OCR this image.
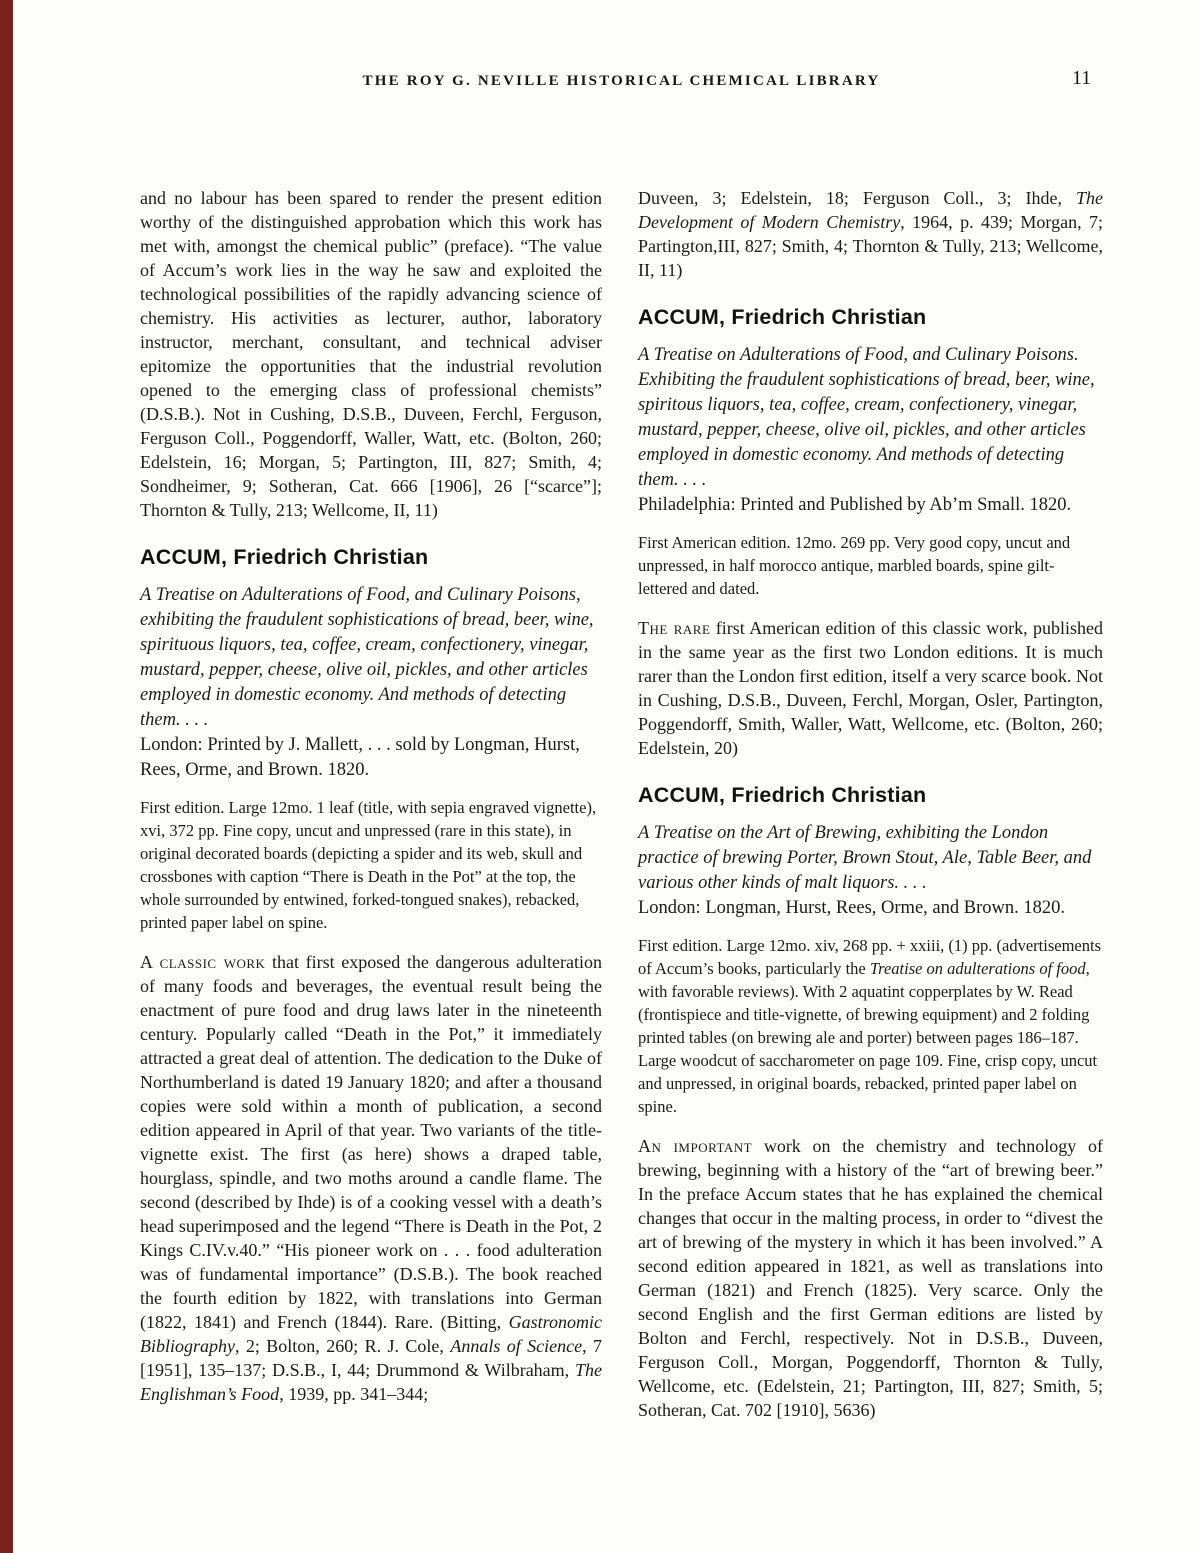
THE ROY G. NEVILLE HISTORICAL CHEMICAL LIBRARY	11
and no labour has been spared to render the present edition worthy of the distinguished approbation which this work has met with, amongst the chemical public” (preface). “The value of Accum’s work lies in the way he saw and exploited the technological possibilities of the rapidly advancing science of chemistry. His activities as lecturer, author, laboratory instructor, merchant, consultant, and technical adviser epitomize the opportunities that the industrial revolution opened to the emerging class of professional chemists” (D.S.B.). Not in Cushing, D.S.B., Duveen, Ferchl, Ferguson, Ferguson Coll., Poggendorff, Waller, Watt, etc. (Bolton, 260; Edelstein, 16; Morgan, 5; Partington, III, 827; Smith, 4; Sondheimer, 9; Sotheran, Cat. 666 [1906], 26 [“scarce”]; Thornton & Tully, 213; Wellcome, II, 11)
ACCUM, Friedrich Christian
A Treatise on Adulterations of Food, and Culinary Poisons, exhibiting the fraudulent sophistications of bread, beer, wine, spirituous liquors, tea, coffee, cream, confectionery, vinegar, mustard, pepper, cheese, olive oil, pickles, and other articles employed in domestic economy. And methods of detecting them. . . .
London: Printed by J. Mallett, . . . sold by Longman, Hurst, Rees, Orme, and Brown. 1820.
First edition. Large 12mo. 1 leaf (title, with sepia engraved vignette), xvi, 372 pp. Fine copy, uncut and unpressed (rare in this state), in original decorated boards (depicting a spider and its web, skull and crossbones with caption “There is Death in the Pot” at the top, the whole surrounded by entwined, forked-tongued snakes), rebacked, printed paper label on spine.
A classic work that first exposed the dangerous adulteration of many foods and beverages, the eventual result being the enactment of pure food and drug laws later in the nineteenth century. Popularly called “Death in the Pot,” it immediately attracted a great deal of attention. The dedication to the Duke of Northumberland is dated 19 January 1820; and after a thousand copies were sold within a month of publication, a second edition appeared in April of that year. Two variants of the title-vignette exist. The first (as here) shows a draped table, hourglass, spindle, and two moths around a candle flame. The second (described by Ihde) is of a cooking vessel with a death’s head superimposed and the legend “There is Death in the Pot, 2 Kings C.IV.v.40.” “His pioneer work on . . . food adulteration was of fundamental importance” (D.S.B.). The book reached the fourth edition by 1822, with translations into German (1822, 1841) and French (1844). Rare. (Bitting, Gastronomic Bibliography, 2; Bolton, 260; R. J. Cole, Annals of Science, 7 [1951], 135–137; D.S.B., I, 44; Drummond & Wilbraham, The Englishman’s Food, 1939, pp. 341–344;
Duveen, 3; Edelstein, 18; Ferguson Coll., 3; Ihde, The Development of Modern Chemistry, 1964, p. 439; Morgan, 7; Partington,III, 827; Smith, 4; Thornton & Tully, 213; Wellcome, II, 11)
ACCUM, Friedrich Christian
A Treatise on Adulterations of Food, and Culinary Poisons. Exhibiting the fraudulent sophistications of bread, beer, wine, spiritous liquors, tea, coffee, cream, confectionery, vinegar, mustard, pepper, cheese, olive oil, pickles, and other articles employed in domestic economy. And methods of detecting them. . . .
Philadelphia: Printed and Published by Ab’m Small. 1820.
First American edition. 12mo. 269 pp. Very good copy, uncut and unpressed, in half morocco antique, marbled boards, spine gilt-lettered and dated.
The rare first American edition of this classic work, published in the same year as the first two London editions. It is much rarer than the London first edition, itself a very scarce book. Not in Cushing, D.S.B., Duveen, Ferchl, Morgan, Osler, Partington, Poggendorff, Smith, Waller, Watt, Wellcome, etc. (Bolton, 260; Edelstein, 20)
ACCUM, Friedrich Christian
A Treatise on the Art of Brewing, exhibiting the London practice of brewing Porter, Brown Stout, Ale, Table Beer, and various other kinds of malt liquors. . . .
London: Longman, Hurst, Rees, Orme, and Brown. 1820.
First edition. Large 12mo. xiv, 268 pp. + xxiii, (1) pp. (advertisements of Accum’s books, particularly the Treatise on adulterations of food, with favorable reviews). With 2 aquatint copperplates by W. Read (frontispiece and title-vignette, of brewing equipment) and 2 folding printed tables (on brewing ale and porter) between pages 186–187. Large woodcut of saccharometer on page 109. Fine, crisp copy, uncut and unpressed, in original boards, rebacked, printed paper label on spine.
An important work on the chemistry and technology of brewing, beginning with a history of the “art of brewing beer.” In the preface Accum states that he has explained the chemical changes that occur in the malting process, in order to “divest the art of brewing of the mystery in which it has been involved.” A second edition appeared in 1821, as well as translations into German (1821) and French (1825). Very scarce. Only the second English and the first German editions are listed by Bolton and Ferchl, respectively. Not in D.S.B., Duveen, Ferguson Coll., Morgan, Poggendorff, Thornton & Tully, Wellcome, etc. (Edelstein, 21; Partington, III, 827; Smith, 5; Sotheran, Cat. 702 [1910], 5636)
